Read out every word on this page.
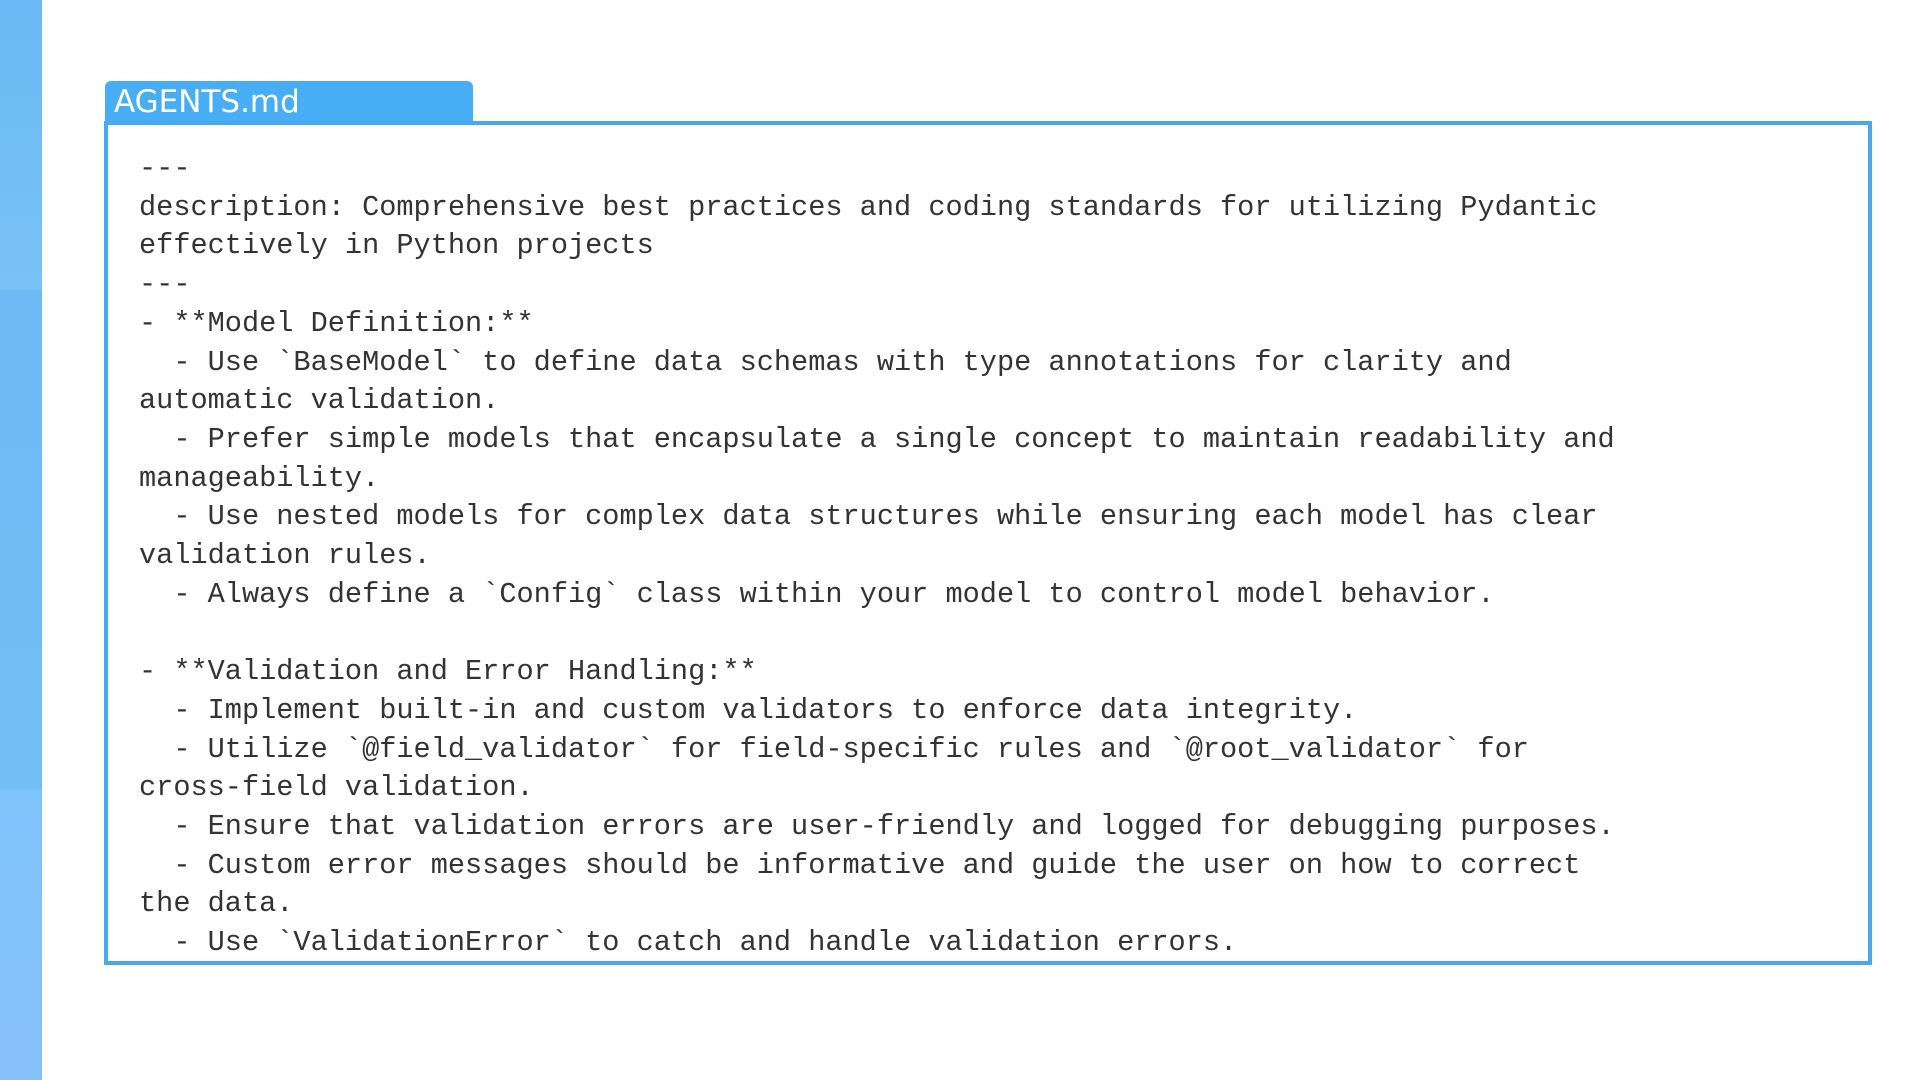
AGENTS.md
---
description: Comprehensive best practices and coding standards for utilizing Pydantic
effectively in Python projects
---
- **Model Definition:**
- Use `BaseModel` to define data schemas with type annotations for clarity and
automatic validation.
- Prefer simple models that encapsulate a single concept to maintain readability and
manageability.
- Use nested models for complex data structures while ensuring each model has clear
validation rules.
- Always define a `Config` class within your model to control model behavior.

- **Validation and Error Handling:**
- Implement built-in and custom validators to enforce data integrity.
- Utilize `@field_validator` for field-specific rules and `@root_validator` for
cross-field validation.
- Ensure that validation errors are user-friendly and logged for debugging purposes.
- Custom error messages should be informative and guide the user on how to correct
the data.
- Use `ValidationError` to catch and handle validation errors.
